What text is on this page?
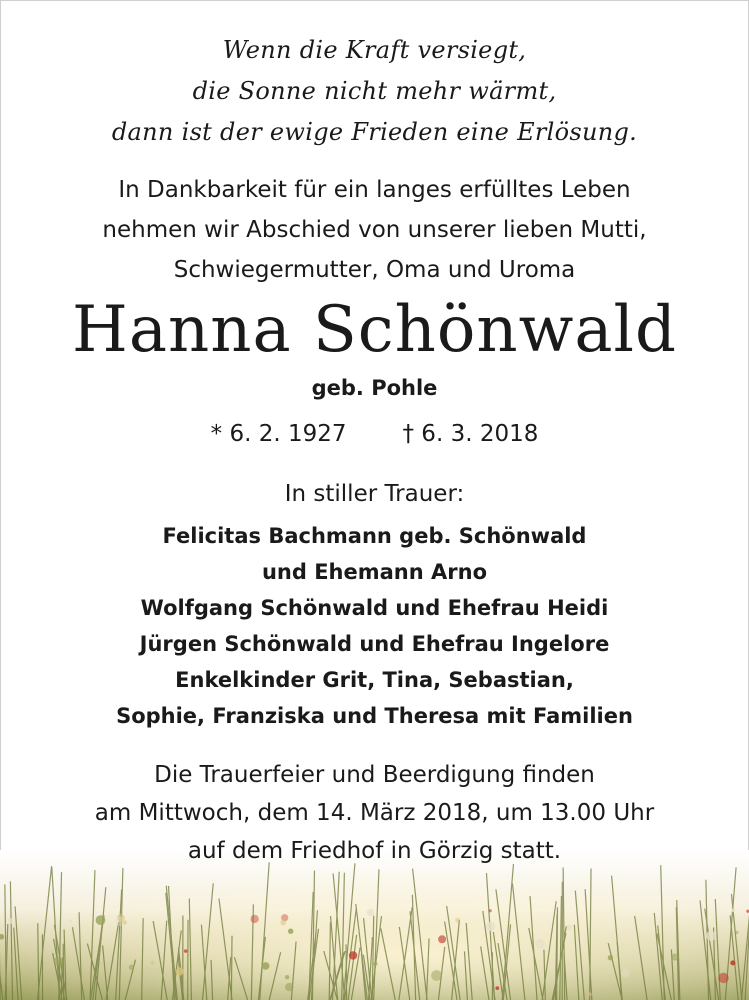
Wenn die Kraft versiegt,
die Sonne nicht mehr wärmt,
dann ist der ewige Frieden eine Erlösung.
In Dankbarkeit für ein langes erfülltes Leben
nehmen wir Abschied von unserer lieben Mutti,
Schwiegermutter, Oma und Uroma
Hanna Schönwald
geb. Pohle
* 6. 2. 1927 † 6. 3. 2018
In stiller Trauer:
Felicitas Bachmann geb. Schönwald
und Ehemann Arno
Wolfgang Schönwald und Ehefrau Heidi
Jürgen Schönwald und Ehefrau Ingelore
Enkelkinder Grit, Tina, Sebastian,
Sophie, Franziska und Theresa mit Familien
Die Trauerfeier und Beerdigung finden
am Mittwoch, dem 14. März 2018, um 13.00 Uhr
auf dem Friedhof in Görzig statt.
